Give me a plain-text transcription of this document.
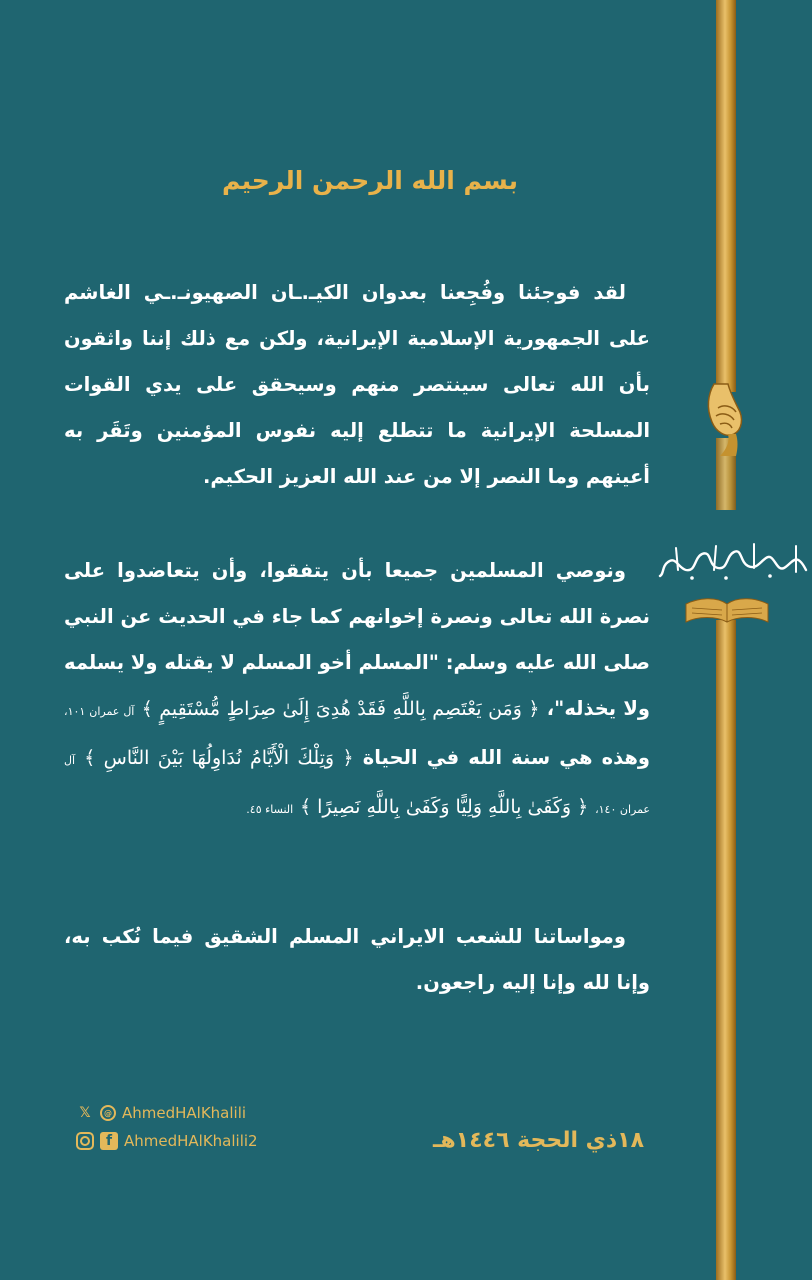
بسم الله الرحمن الرحيم
لقد فوجئنا وفُجِعنا بعدوان الكيـ.ـان الصهيونـ.ـي الغاشم على الجمهورية الإسلامية الإيرانية، ولكن مع ذلك إننا واثقون بأن الله تعالى سينتصر منهم وسيحقق على يدي القوات المسلحة الإيرانية ما تتطلع إليه نفوس المؤمنين وتَقَر به أعينهم وما النصر إلا من عند الله العزيز الحكيم.
ونوصي المسلمين جميعا بأن يتفقوا، وأن يتعاضدوا على نصرة الله تعالى ونصرة إخوانهم كما جاء في الحديث عن النبي صلى الله عليه وسلم: "المسلم أخو المسلم لا يقتله ولا يسلمه ولا يخذله"، ﴿ وَمَن يَعْتَصِم بِاللَّهِ فَقَدْ هُدِىَ إِلَىٰ صِرَاطٍ مُّسْتَقِيمٍ ﴾ آل عمران ١٠١، وهذه هي سنة الله في الحياة ﴿ وَتِلْكَ الْأَيَّامُ نُدَاوِلُهَا بَيْنَ النَّاسِ ﴾ آل عمران ١٤٠، ﴿ وَكَفَىٰ بِاللَّهِ وَلِيًّا وَكَفَىٰ بِاللَّهِ نَصِيرًا ﴾ النساء ٤٥.
ومواساتنا للشعب الايراني المسلم الشقيق فيما نُكب به، وإنا لله وإنا إليه راجعون.
𝕏	@ AhmedHAlKhalili
f AhmedHAlKhalili2	١٨ذي الحجة ١٤٤٦هـ
